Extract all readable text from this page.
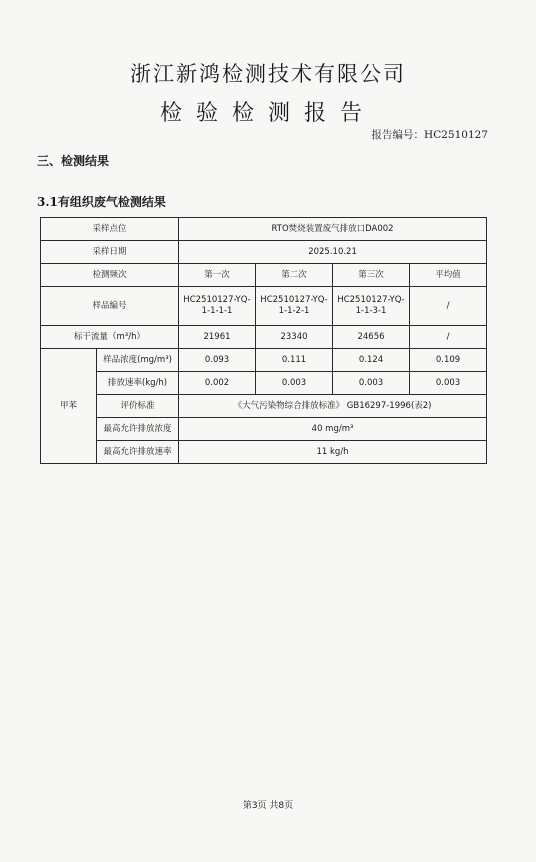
浙江新鸿检测技术有限公司
检验检测报告
报告编号：HC2510127
三、检测结果
3.1有组织废气检测结果
采样点位		RTO焚烧装置废气排放口DA002			
采样日期		2025.10.21			
检测频次		第一次	第二次	第三次	平均值
样品编号		HC2510127-YQ-1-1-1-1	HC2510127-YQ-1-1-2-1	HC2510127-YQ-1-1-3-1	/
标干流量（m³/h）		21961	23340	24656	/
甲苯	样品浓度(mg/m³)	0.093	0.111	0.124	0.109
	排放速率(kg/h)	0.002	0.003	0.003	0.003
	评价标准	《大气污染物综合排放标准》 GB16297-1996(表2)			
	最高允许排放浓度	40 mg/m³			
	最高允许排放速率	11 kg/h			
第3页 共8页
